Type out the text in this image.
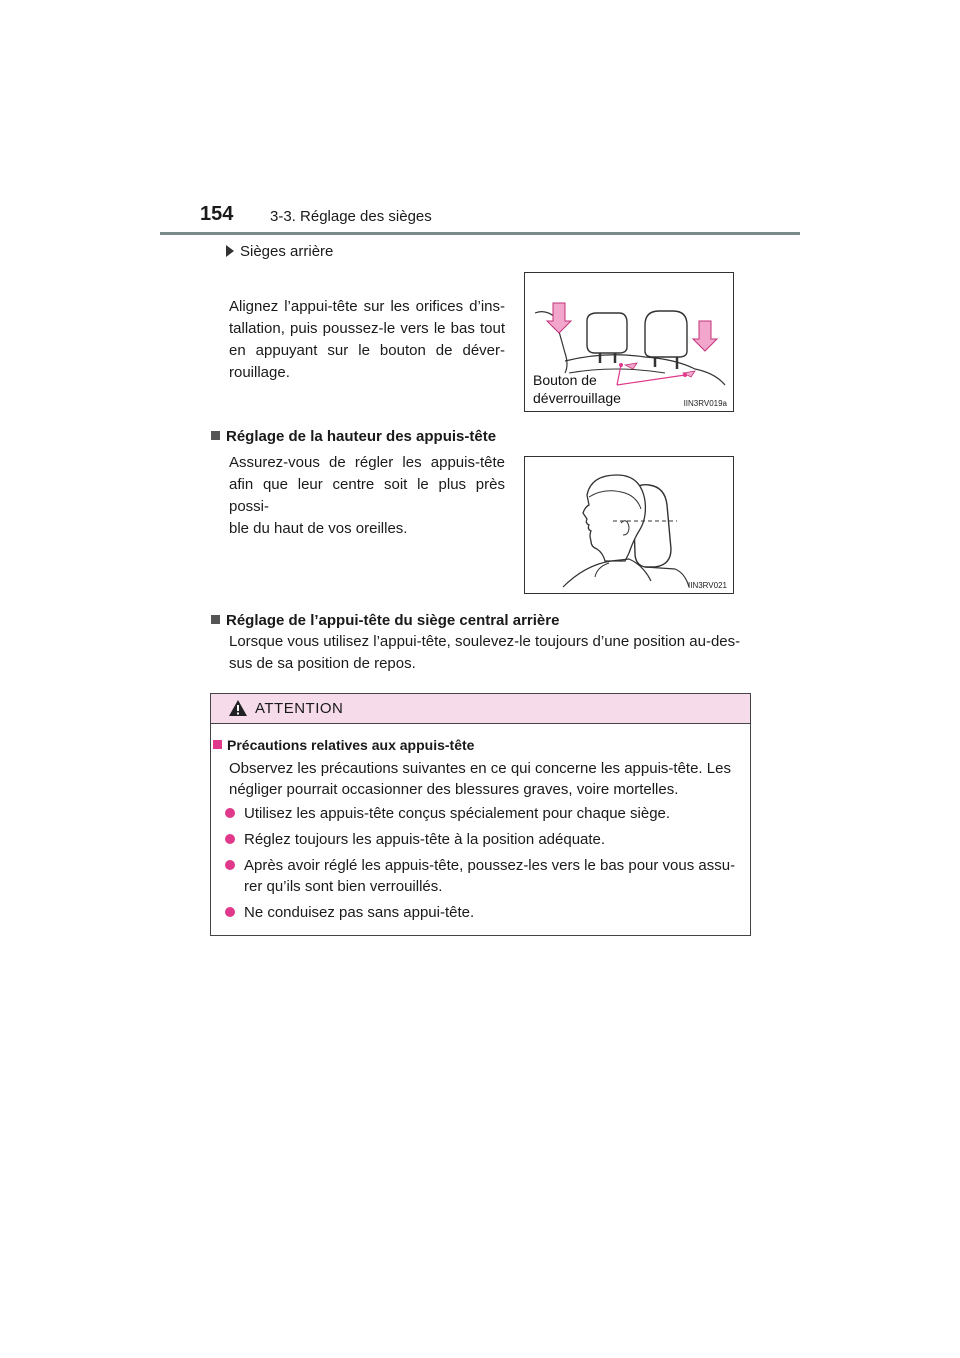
154 3-3. Réglage des sièges
Sièges arrière
Alignez l’appui-tête sur les orifices d’ins-
tallation, puis poussez-le vers le bas tout
en appuyant sur le bouton de déver-
rouillage.	Bouton de
déverrouillage	IIN3RV019a
Réglage de la hauteur des appuis-tête
Assurez-vous de régler les appuis-tête
afin que leur centre soit le plus près possi-
ble du haut de vos oreilles.
IIN3RV021
Réglage de l’appui-tête du siège central arrière
Lorsque vous utilisez l’appui-tête, soulevez-le toujours d’une position au-des-
sus de sa position de repos.
ATTENTION
Précautions relatives aux appuis-tête
Observez les précautions suivantes en ce qui concerne les appuis-tête. Les
négliger pourrait occasionner des blessures graves, voire mortelles.
Utilisez les appuis-tête conçus spécialement pour chaque siège.
Réglez toujours les appuis-tête à la position adéquate.
Après avoir réglé les appuis-tête, poussez-les vers le bas pour vous assu-
rer qu’ils sont bien verrouillés.
Ne conduisez pas sans appui-tête.
